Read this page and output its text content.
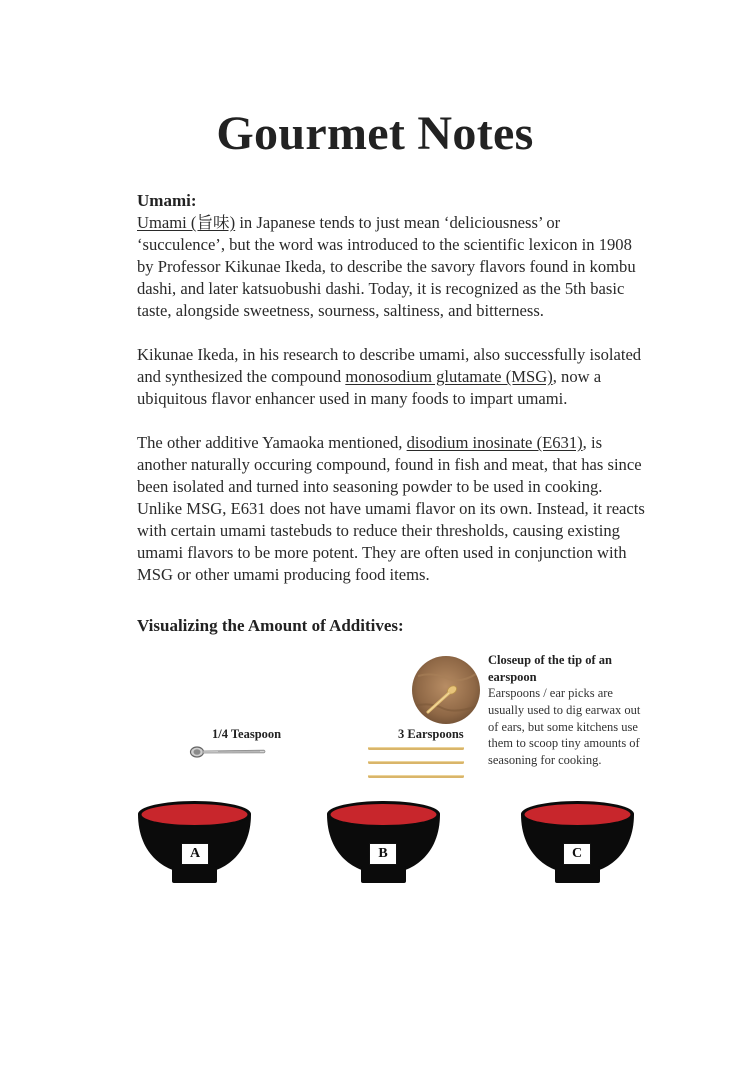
Gourmet Notes

Umami:

Umami (旨味) in Japanese tends to just mean ‘deliciousness’ or ‘succulence’, but the word was introduced to the scientific lexicon in 1908 by Professor Kikunae Ikeda, to describe the savory flavors found in kombu dashi, and later katsuobushi dashi. Today, it is recognized as the 5th basic taste, alongside sweetness, sourness, saltiness, and bitterness.

Kikunae Ikeda, in his research to describe umami, also successfully isolated and synthesized the compound monosodium glutamate (MSG), now a ubiquitous flavor enhancer used in many foods to impart umami.

The other additive Yamaoka mentioned, disodium inosinate (E631), is another naturally occuring compound, found in fish and meat, that has since been isolated and turned into seasoning powder to be used in cooking. Unlike MSG, E631 does not have umami flavor on its own. Instead, it reacts with certain umami tastebuds to reduce their thresholds, causing existing umami flavors to be more potent. They are often used in conjunction with MSG or other umami producing food items.

Visualizing the Amount of Additives:
1/4 Teaspoon	3 Earspoons
Closeup of the tip of an earspoon
Earspoons / ear picks are usually used to dig earwax out of ears, but some kitchens use them to scoop tiny amounts of seasoning for cooking.
A	B	C
